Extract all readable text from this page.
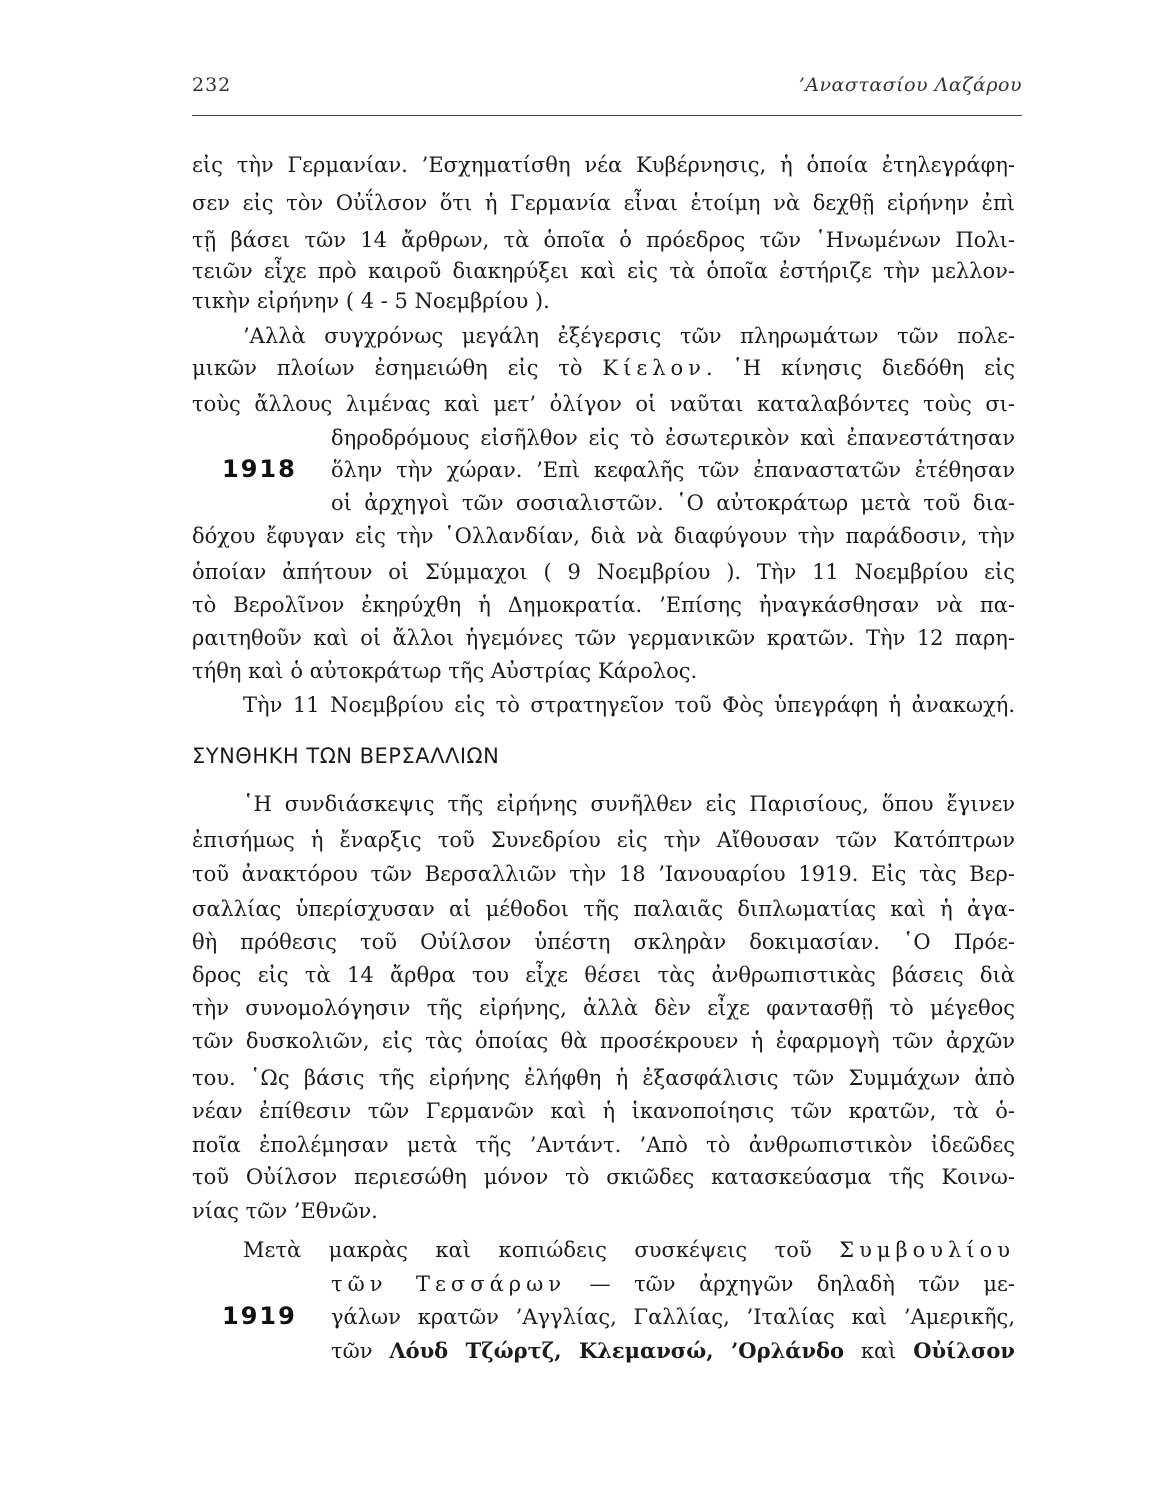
232	’Αναστασίου Λαζάρου
εἰς τὴν Γερμανίαν. ’Εσχηματίσθη νέα Κυβέρνησις, ἡ ὁποία ἐτηλεγράφη-
σεν εἰς τὸν Οὐΐλσον ὅτι ἡ Γερμανία εἶναι ἑτοίμη νὰ δεχθῇ εἰρήνην ἐπὶ
τῇ βάσει τῶν 14 ἄρθρων, τὰ ὁποῖα ὁ πρόεδρος τῶν ῾Ηνωμένων Πολι-
τειῶν εἶχε πρὸ καιροῦ διακηρύξει καὶ εἰς τὰ ὁποῖα ἐστήριζε τὴν μελλον-
τικὴν εἰρήνην ( 4 - 5 Νοεμβρίου ).
’Αλλὰ συγχρόνως μεγάλη ἐξέγερσις τῶν πληρωμάτων τῶν πολε-
μικῶν πλοίων ἐσημειώθη εἰς τὸ Κίελον. ῾Η κίνησις διεδόθη εἰς
τοὺς ἄλλους λιμένας καὶ μετ’ ὀλίγον οἱ ναῦται καταλαβόντες τοὺς σι-
δηροδρόμους εἰσῆλθον εἰς τὸ ἐσωτερικὸν καὶ ἐπανεστάτησαν
1918 ὅλην τὴν χώραν. ’Επὶ κεφαλῆς τῶν ἐπαναστατῶν ἐτέθησαν
οἱ ἀρχηγοὶ τῶν σοσιαλιστῶν. ῾Ο αὐτοκράτωρ μετὰ τοῦ δια-
δόχου ἔφυγαν εἰς τὴν ῾Ολλανδίαν, διὰ νὰ διαφύγουν τὴν παράδοσιν, τὴν
ὁποίαν ἀπήτουν οἱ Σύμμαχοι ( 9 Νοεμβρίου ). Τὴν 11 Νοεμβρίου εἰς
τὸ Βερολῖνον ἐκηρύχθη ἡ Δημοκρατία. ’Επίσης ἠναγκάσθησαν νὰ πα-
ραιτηθοῦν καὶ οἱ ἄλλοι ἡγεμόνες τῶν γερμανικῶν κρατῶν. Τὴν 12 παρη-
τήθη καὶ ὁ αὐτοκράτωρ τῆς Αὐστρίας Κάρολος.
Τὴν 11 Νοεμβρίου εἰς τὸ στρατηγεῖον τοῦ Φὸς ὑπεγράφη ἡ ἀνακωχή.
ΣΥΝΘΗΚΗ ΤΩΝ ΒΕΡΣΑΛΛΙΩΝ
῾Η συνδιάσκεψις τῆς εἰρήνης συνῆλθεν εἰς Παρισίους, ὅπου ἔγινεν
ἐπισήμως ἡ ἔναρξις τοῦ Συνεδρίου εἰς τὴν Αἴθουσαν τῶν Κατόπτρων
τοῦ ἀνακτόρου τῶν Βερσαλλιῶν τὴν 18 ’Ιανουαρίου 1919. Εἰς τὰς Βερ-
σαλλίας ὑπερίσχυσαν αἱ μέθοδοι τῆς παλαιᾶς διπλωματίας καὶ ἡ ἀγα-
θὴ πρόθεσις τοῦ Οὐίλσον ὑπέστη σκληρὰν δοκιμασίαν. ῾Ο Πρόε-
δρος εἰς τὰ 14 ἄρθρα του εἶχε θέσει τὰς ἀνθρωπιστικὰς βάσεις διὰ
τὴν συνομολόγησιν τῆς εἰρήνης, ἀλλὰ δὲν εἶχε φαντασθῇ τὸ μέγεθος
τῶν δυσκολιῶν, εἰς τὰς ὁποίας θὰ προσέκρουεν ἡ ἐφαρμογὴ τῶν ἀρχῶν
του. ῾Ως βάσις τῆς εἰρήνης ἐλήφθη ἡ ἐξασφάλισις τῶν Συμμάχων ἀπὸ
νέαν ἐπίθεσιν τῶν Γερμανῶν καὶ ἡ ἱκανοποίησις τῶν κρατῶν, τὰ ὁ-
ποῖα ἐπολέμησαν μετὰ τῆς ’Αντάντ. ’Απὸ τὸ ἀνθρωπιστικὸν ἰδεῶδες
τοῦ Οὐίλσον περιεσώθη μόνον τὸ σκιῶδες κατασκεύασμα τῆς Κοινω-
νίας τῶν ’Εθνῶν.
Μετὰ μακρὰς καὶ κοπιώδεις συσκέψεις τοῦ Συμβουλίου
τῶν Τεσσάρων — τῶν ἀρχηγῶν δηλαδὴ τῶν με-
1919 γάλων κρατῶν ’Αγγλίας, Γαλλίας, ’Ιταλίας καὶ ’Αμερικῆς,
τῶν Λόυδ Τζώρτζ, Κλεμανσώ, ’Ορλάνδο καὶ Οὐίλσον
